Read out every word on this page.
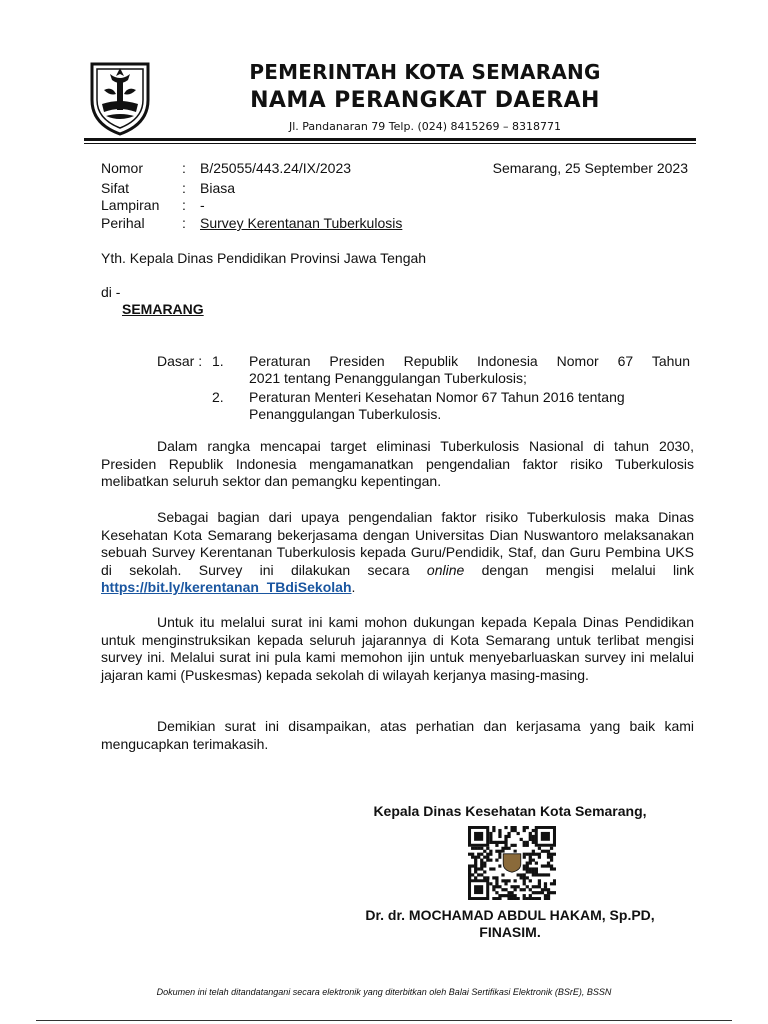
PEMERINTAH KOTA SEMARANG
NAMA PERANGKAT DAERAH
Jl. Pandanaran 79 Telp. (024) 8415269 – 8318771
Nomor	: B/25055/443.24/IX/2023	Semarang, 25 September 2023
Sifat	: Biasa
Lampiran : -
Perihal	: Survey Kerentanan Tuberkulosis
Yth. Kepala Dinas Pendidikan Provinsi Jawa Tengah
di -
SEMARANG
Dasar : 1. Peraturan Presiden Republik Indonesia Nomor 67 Tahun
2021 tentang Penanggulangan Tuberkulosis;
2. Peraturan Menteri Kesehatan Nomor 67 Tahun 2016 tentang
Penanggulangan Tuberkulosis.

Dalam rangka mencapai target eliminasi Tuberkulosis Nasional di tahun 2030, Presiden Republik Indonesia mengamanatkan pengendalian faktor risiko Tuberkulosis melibatkan seluruh sektor dan pemangku kepentingan.

Sebagai bagian dari upaya pengendalian faktor risiko Tuberkulosis maka Dinas Kesehatan Kota Semarang bekerjasama dengan Universitas Dian Nuswantoro melaksanakan sebuah Survey Kerentanan Tuberkulosis kepada Guru/Pendidik, Staf, dan Guru Pembina UKS di sekolah. Survey ini dilakukan secara online dengan mengisi melalui link https://bit.ly/kerentanan_TBdiSekolah.

Untuk itu melalui surat ini kami mohon dukungan kepada Kepala Dinas Pendidikan untuk menginstruksikan kepada seluruh jajarannya di Kota Semarang untuk terlibat mengisi survey ini. Melalui surat ini pula kami memohon ijin untuk menyebarluaskan survey ini melalui jajaran kami (Puskesmas) kepada sekolah di wilayah kerjanya masing-masing.

Demikian surat ini disampaikan, atas perhatian dan kerjasama yang baik kami mengucapkan terimakasih.

Kepala Dinas Kesehatan Kota Semarang,
Dr. dr. MOCHAMAD ABDUL HAKAM, Sp.PD,
FINASIM.
Dokumen ini telah ditandatangani secara elektronik yang diterbitkan oleh Balai Sertifikasi Elektronik (BSrE), BSSN
